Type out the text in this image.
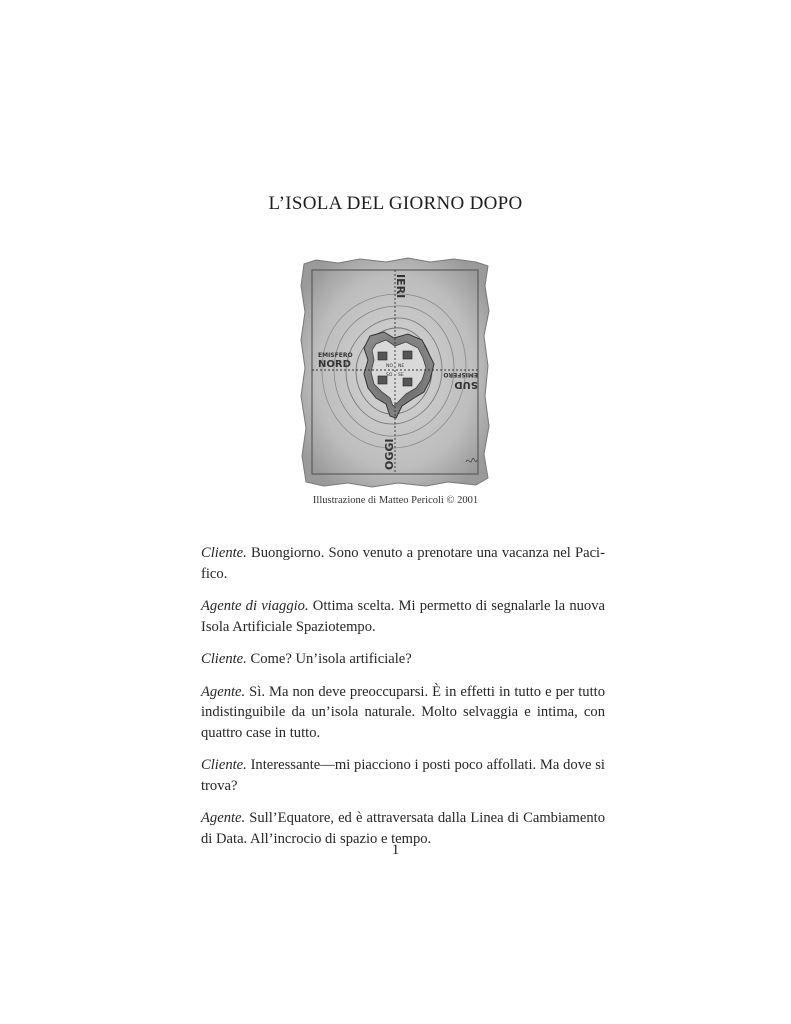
L’ISOLA DEL GIORNO DOPO
IERI
OGGI
EMISFERO
NORD
SUD
EMISFERO
NO NE
SO SE
Illustrazione di Matteo Pericoli © 2001

Cliente. Buongiorno. Sono venuto a prenotare una vacanza nel Pacifico.

Agente di viaggio. Ottima scelta. Mi permetto di segnalarle la nuova Isola Artificiale Spaziotempo.

Cliente. Come? Un’isola artificiale?

Agente. Sì. Ma non deve preoccuparsi. È in effetti in tutto e per tutto indistinguibile da un’isola naturale. Molto selvaggia e intima, con quattro case in tutto.

Cliente. Interessante—mi piacciono i posti poco affollati. Ma dove si trova?

Agente. Sull’Equatore, ed è attraversata dalla Linea di Cambiamento di Data. All’incrocio di spazio e tempo.

1
